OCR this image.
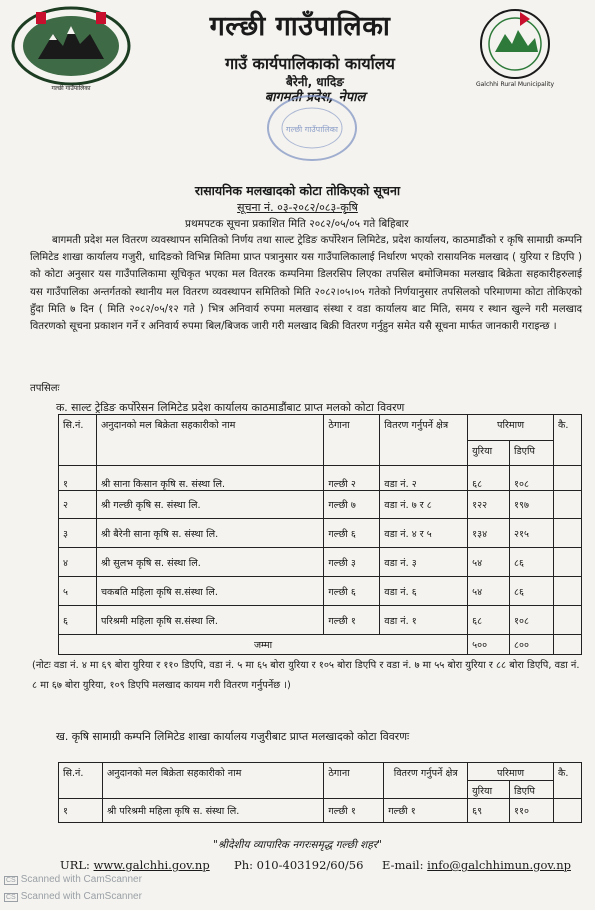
गल्छी गाउँपालिका
गल्छी गाउँपालिका
गाउँ कार्यपालिकाको कार्यालय
बैरेनी, धादिङ
बागमती प्रदेश, नेपाल
Galchhi Rural Municipality
गल्छी गाउँपालिका
रासायनिक मलखादको कोटा तोकिएको सूचना
सूचना नं. ०३-२०८२/०८३-कृषि
प्रथमपटक सूचना प्रकाशित मिति २०८२/०५/०५ गते बिहिबार
बागमती प्रदेश मल वितरण व्यवस्थापन समितिको निर्णय तथा साल्ट ट्रेडिङ कर्पोरेशन लिमिटेड, प्रदेश कार्यालय, काठमाडौंको र कृषि सामाग्री कम्पनि लिमिटेड शाखा कार्यालय गजुरी, धादिङको विभिन्न मितिमा प्राप्त पत्रानुसार यस गाउँपालिकालाई निर्धारण भएको रासायनिक मलखाद ( युरिया र डिएपि ) को कोटा अनुसार यस गाउँपालिकामा सूचिकृत भएका मल वितरक कम्पनिमा डिलरसिप लिएका तपसिल बमोजिमका मलखाद बिक्रेता सहकारीहरुलाई यस गाउँपालिका अन्तर्गतको स्थानीय मल वितरण व्यवस्थापन समितिको मिति २०८२।०५।०५ गतेको निर्णयानुसार तपसिलको परिमाणमा कोटा तोकिएको हुँदा मिति ७ दिन ( मिति २०८२/०५/१२ गते ) भित्र अनिवार्य रुपमा मलखाद संस्था र वडा कार्यालय बाट मिति, समय र स्थान खुल्ने गरी मलखाद वितरणको सूचना प्रकाशन गर्ने र अनिवार्य रुपमा बिल/बिजक जारी गरी मलखाद बिक्री वितरण गर्नुहुन समेत यसै सूचना मार्फत जानकारी गराइन्छ ।
तपसिलः
क. साल्ट ट्रेडिङ कर्पोरेसन लिमिटेड प्रदेश कार्यालय काठमाडौंबाट प्राप्त मलको कोटा विवरण
सि.नं.	अनुदानको मल बिक्रेता सहकारीको नाम	ठेगाना	वितरण गर्नुपर्ने क्षेत्र	परिमाण		कै.
				युरिया	डिएपि	
१	श्री साना किसान कृषि स. संस्था लि.	गल्छी २	वडा नं. २	६८	१०८	
२	श्री गल्छी कृषि स. संस्था लि.	गल्छी ७	वडा नं. ७ र ८	१२२	१९७	
३	श्री बैरेनी साना कृषि स. संस्था लि.	गल्छी ६	वडा नं. ४ र ५	१३४	२१५	
४	श्री सुलभ कृषि स. संस्था लि.	गल्छी ३	वडा नं. ३	५४	८६	
५	चकबति महिला कृषि स.संस्था लि.	गल्छी ६	वडा नं. ६	५४	८६	
६	परिश्रमी महिला कृषि स.संस्था लि.	गल्छी १	वडा नं. १	६८	१०८	
जम्मा				५००	८००	
(नोटः वडा नं. ४ मा ६९ बोरा युरिया र ११० डिएपि, वडा नं. ५ मा ६५ बोरा युरिया र १०५ बोरा डिएपि र वडा नं. ७ मा ५५ बोरा युरिया र ८८ बोरा डिएपि, वडा नं. ८ मा ६७ बोरा युरिया, १०९ डिएपि मलखाद कायम गरी वितरण गर्नुपर्नेछ ।)
ख. कृषि सामाग्री कम्पनि लिमिटेड शाखा कार्यालय गजुरीबाट प्राप्त मलखादको कोटा विवरणः
सि.नं.	अनुदानको मल बिक्रेता सहकारीको नाम	ठेगाना	वितरण गर्नुपर्ने क्षेत्र	परिमाण		कै.
				युरिया	डिएपि	
१	श्री परिश्रमी महिला कृषि स. संस्था लि.	गल्छी १	गल्छी १	६९	११०	
"श्रीदेशीय व्यापारिक नगरःसमृद्ध गल्छी शहर"
URL: www.galchhi.gov.np Ph: 010-403192/60/56 E-mail: info@galchhimun.gov.np
CS Scanned with CamScanner
CS Scanned with CamScanner
